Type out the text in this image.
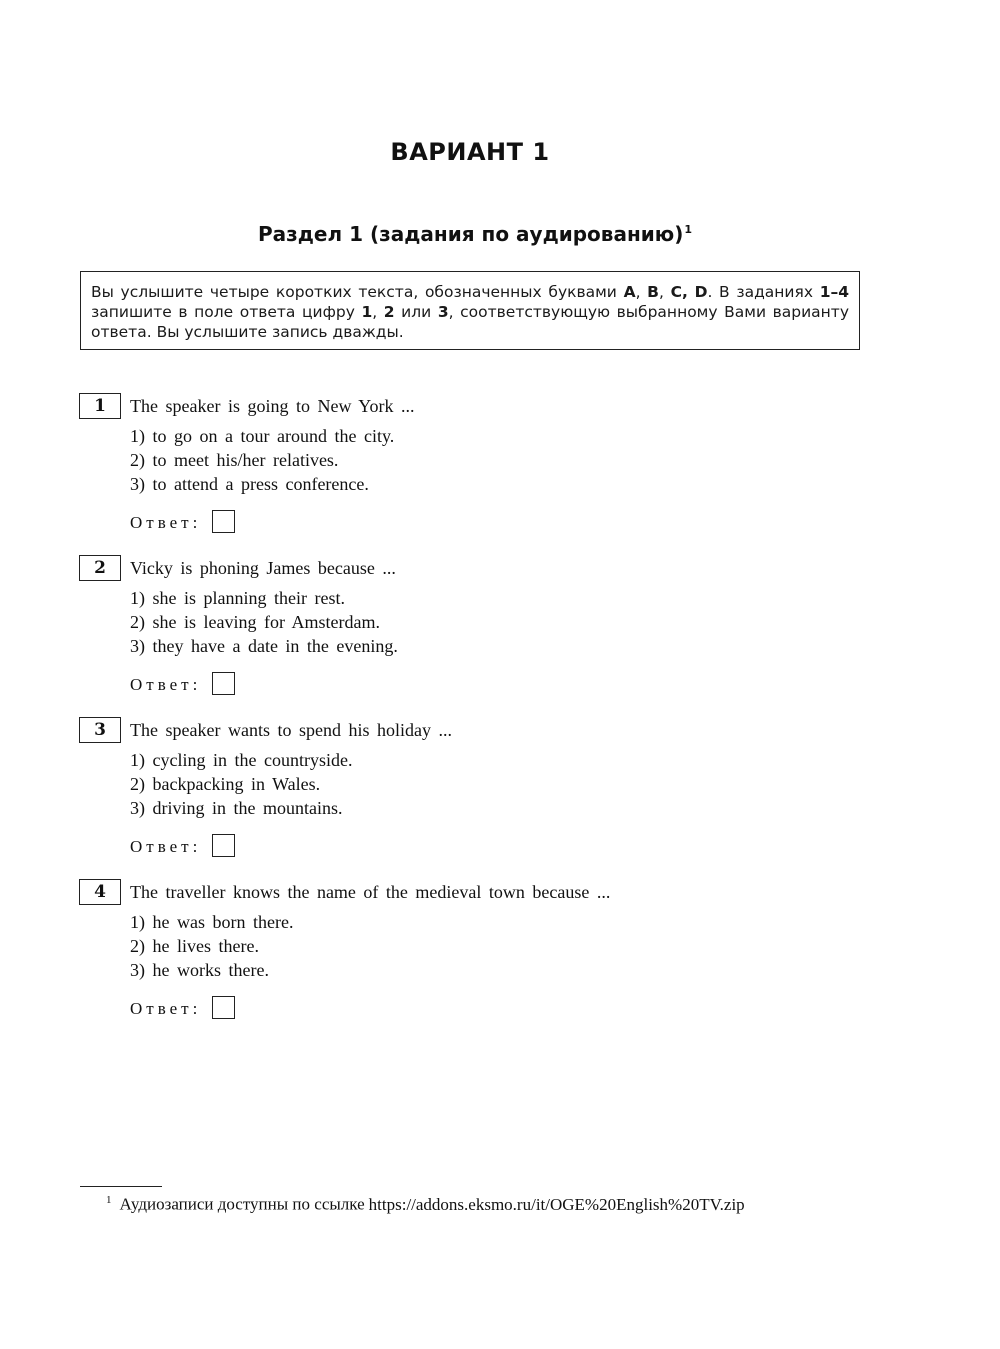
ВАРИАНТ 1
Раздел 1 (задания по аудированию)$^1$
Вы услышите четыре коротких текста, обозначенных буквами A, B, C, D. В заданиях 1–4 запишите в поле ответа цифру 1, 2 или 3, соответствующую выбранному Вами варианту ответа. Вы услышите запись дважды.
1	The speaker is going to New York ...
1) to go on a tour around the city.
2) to meet his/her relatives.
3) to attend a press conference.
Ответ:
2	Vicky is phoning James because ...
1) she is planning their rest.
2) she is leaving for Amsterdam.
3) they have a date in the evening.
Ответ:
3	The speaker wants to spend his holiday ...
1) cycling in the countryside.
2) backpacking in Wales.
3) driving in the mountains.
Ответ:
4	The traveller knows the name of the medieval town because ...
1) he was born there.
2) he lives there.
3) he works there.
Ответ:
$^1$ Аудиозаписи доступны по ссылке https://addons.eksmo.ru/it/OGE%20English%20TV.zip
